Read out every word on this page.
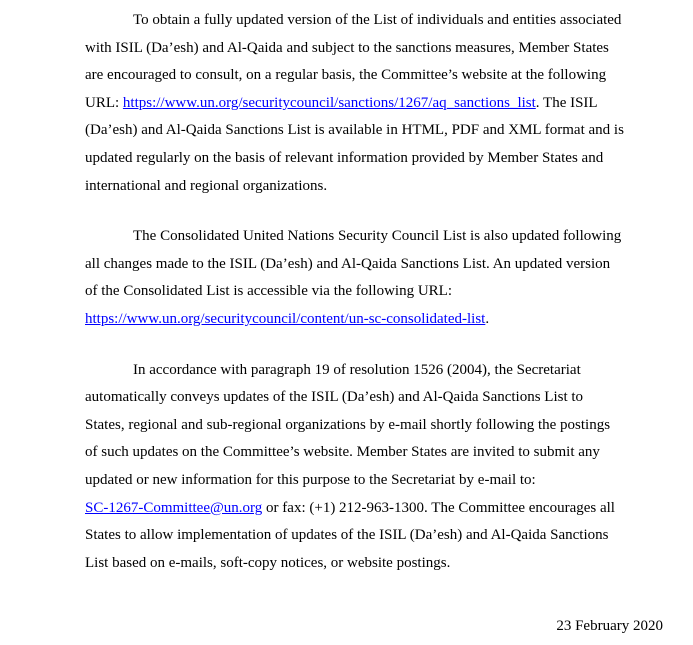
To obtain a fully updated version of the List of individuals and entities associated
with ISIL (Da’esh) and Al-Qaida and subject to the sanctions measures, Member States
are encouraged to consult, on a regular basis, the Committee’s website at the following
URL: https://www.un.org/securitycouncil/sanctions/1267/aq_sanctions_list. The ISIL
(Da’esh) and Al-Qaida Sanctions List is available in HTML, PDF and XML format and is
updated regularly on the basis of relevant information provided by Member States and
international and regional organizations.
The Consolidated United Nations Security Council List is also updated following
all changes made to the ISIL (Da’esh) and Al-Qaida Sanctions List. An updated version
of the Consolidated List is accessible via the following URL:
https://www.un.org/securitycouncil/content/un-sc-consolidated-list.
In accordance with paragraph 19 of resolution 1526 (2004), the Secretariat
automatically conveys updates of the ISIL (Da’esh) and Al-Qaida Sanctions List to
States, regional and sub-regional organizations by e-mail shortly following the postings
of such updates on the Committee’s website. Member States are invited to submit any
updated or new information for this purpose to the Secretariat by e-mail to:
SC-1267-Committee@un.org or fax: (+1) 212-963-1300. The Committee encourages all
States to allow implementation of updates of the ISIL (Da’esh) and Al-Qaida Sanctions
List based on e-mails, soft-copy notices, or website postings.
23 February 2020
